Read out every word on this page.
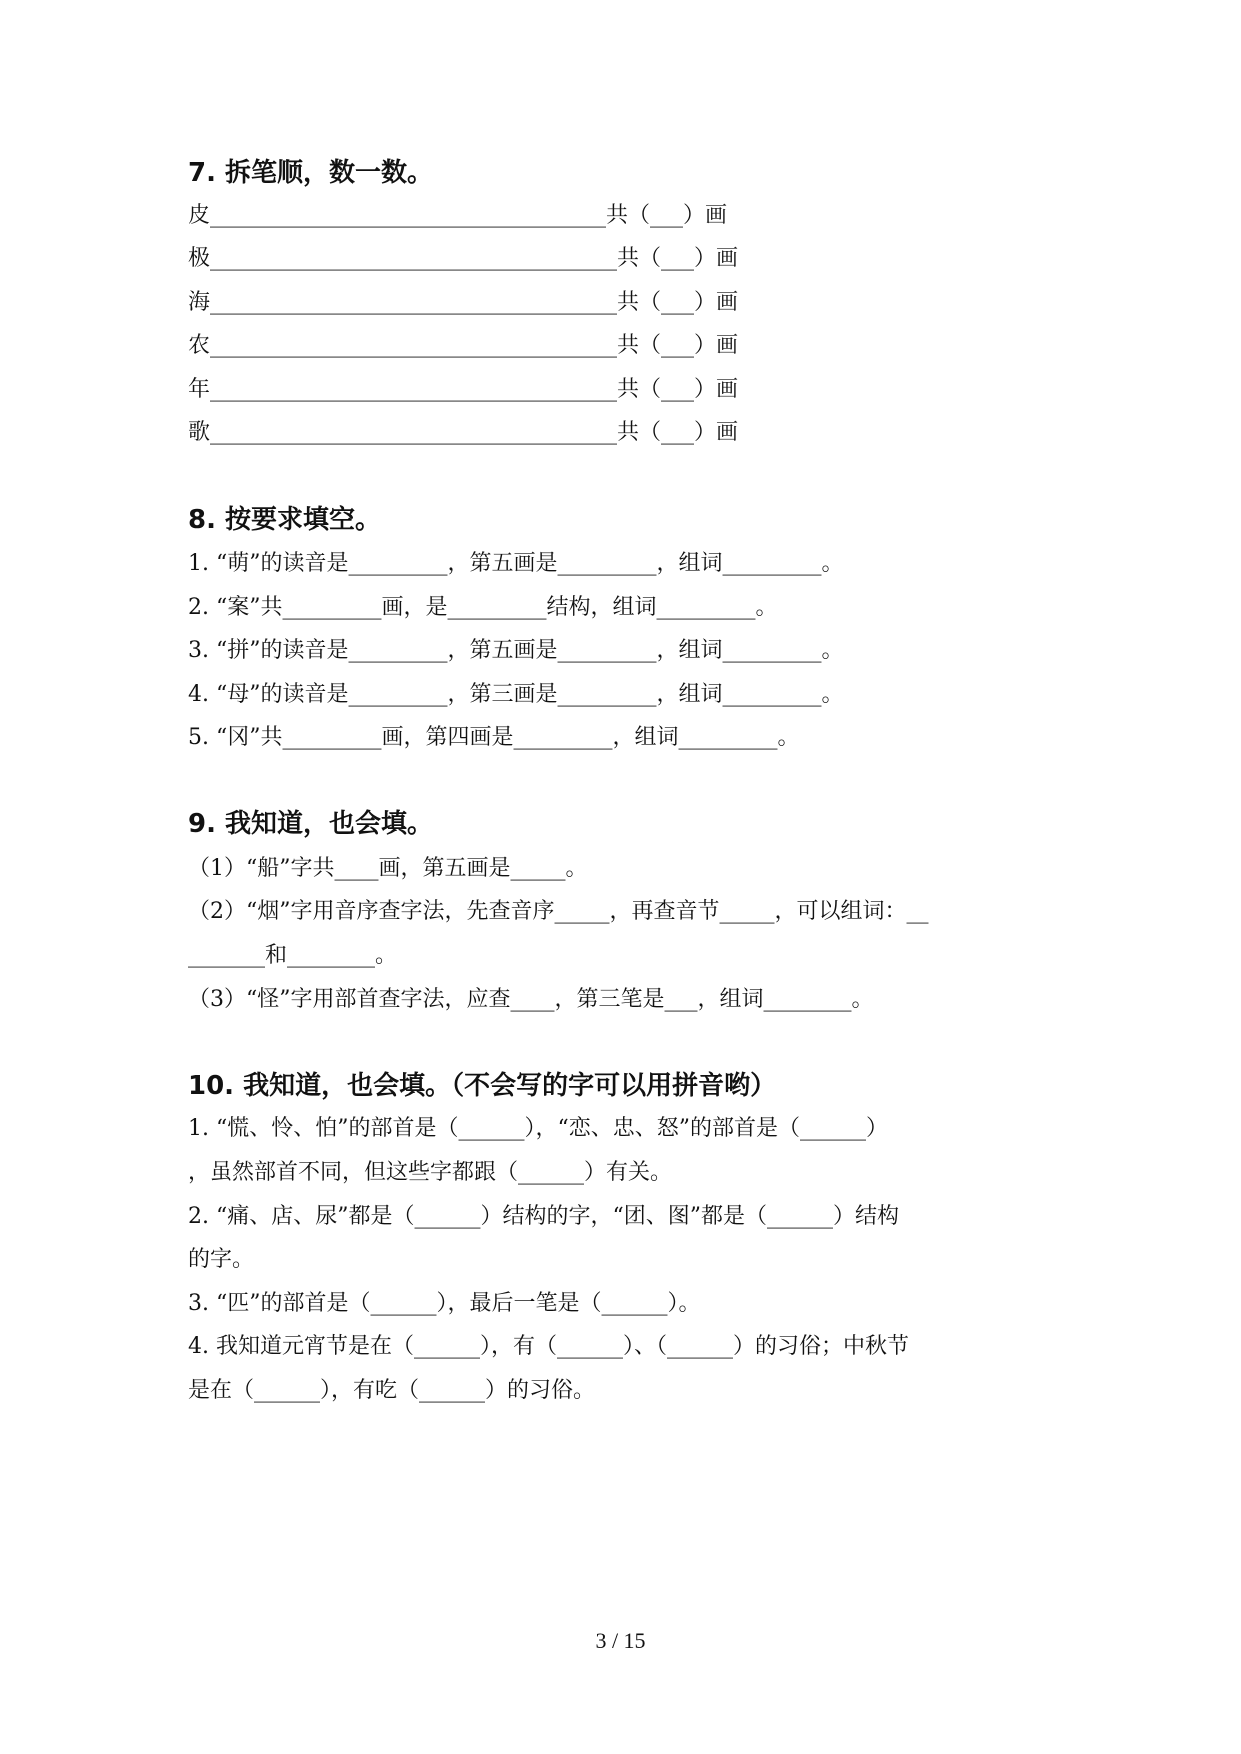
7. 拆笔顺，数一数。
皮____________________________________共（___）画
极_____________________________________共（___）画
海_____________________________________共（___）画
农_____________________________________共（___）画
年_____________________________________共（___）画
歌_____________________________________共（___）画
8. 按要求填空。
1. “萌”的读音是_________，第五画是_________，组词_________。
2. “案”共_________画，是_________结构，组词_________。
3. “拼”的读音是_________，第五画是_________，组词_________。
4. “母”的读音是_________，第三画是_________，组词_________。
5. “冈”共_________画，第四画是_________，组词_________。
9. 我知道，也会填。
（1）“船”字共____画，第五画是_____。
（2）“烟”字用音序查字法，先查音序_____，再查音节_____，可以组词：__
_______和________。
（3）“怪”字用部首查字法，应查____，第三笔是___，组词________。
10. 我知道，也会填。（不会写的字可以用拼音哟）
1. “慌、怜、怕”的部首是（______），“恋、忠、怒”的部首是（______）
，虽然部首不同，但这些字都跟（______）有关。
2. “痛、店、尿”都是（______）结构的字，“团、图”都是（______）结构
的字。
3. “匹”的部首是（______），最后一笔是（______）。
4. 我知道元宵节是在（______），有（______）、（______）的习俗；中秋节
是在（______），有吃（______）的习俗。
3 / 15
